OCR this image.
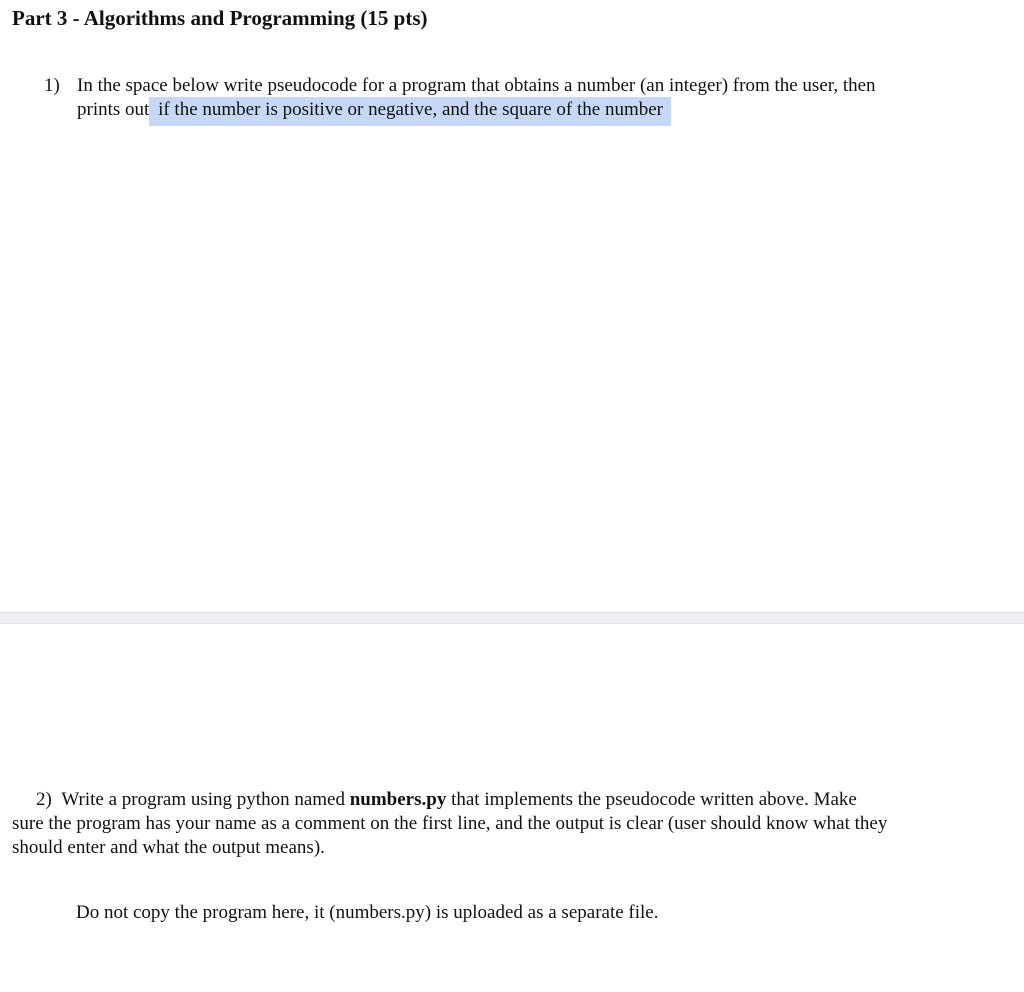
Part 3 - Algorithms and Programming (15 pts)
1) In the space below write pseudocode for a program that obtains a number (an integer) from the user, then
prints out if the number is positive or negative, and the square of the number
2) Write a program using python named numbers.py that implements the pseudocode written above. Make
sure the program has your name as a comment on the first line, and the output is clear (user should know what they
should enter and what the output means).
Do not copy the program here, it (numbers.py) is uploaded as a separate file.
